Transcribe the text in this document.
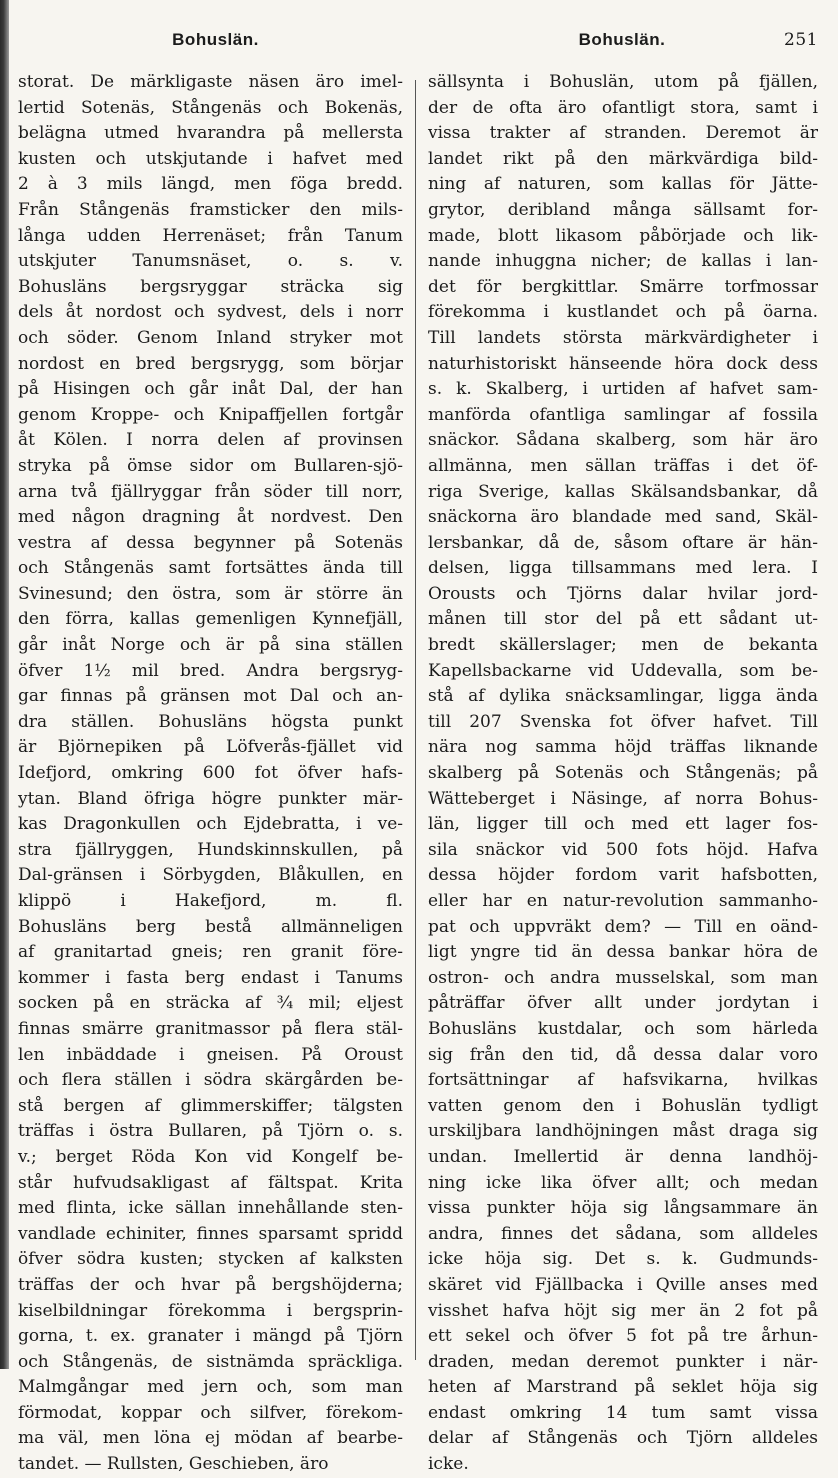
Bohuslän.	Bohuslän.	251
storat. De märkligaste näsen äro imel-
lertid Sotenäs, Stångenäs och Bokenäs,
belägna utmed hvarandra på mellersta
kusten och utskjutande i hafvet med
2 à 3 mils längd, men föga bredd.
Från Stångenäs framsticker den mils-
långa udden Herrenäset; från Tanum
utskjuter Tanumsnäset, o. s. v.
Bohusläns bergsryggar sträcka sig
dels åt nordost och sydvest, dels i norr
och söder. Genom Inland stryker mot
nordost en bred bergsrygg, som börjar
på Hisingen och går inåt Dal, der han
genom Kroppe- och Knipaffjellen fortgår
åt Kölen. I norra delen af provinsen
stryka på ömse sidor om Bullaren-sjö-
arna två fjällryggar från söder till norr,
med någon dragning åt nordvest. Den
vestra af dessa begynner på Sotenäs
och Stångenäs samt fortsättes ända till
Svinesund; den östra, som är större än
den förra, kallas gemenligen Kynnefjäll,
går inåt Norge och är på sina ställen
öfver 1½ mil bred. Andra bergsryg-
gar finnas på gränsen mot Dal och an-
dra ställen. Bohusläns högsta punkt
är Björnepiken på Löfverås-fjället vid
Idefjord, omkring 600 fot öfver hafs-
ytan. Bland öfriga högre punkter mär-
kas Dragonkullen och Ejdebratta, i ve-
stra fjällryggen, Hundskinnskullen, på
Dal-gränsen i Sörbygden, Blåkullen, en
klippö i Hakefjord, m. fl.
Bohusläns berg bestå allmänneligen
af granitartad gneis; ren granit före-
kommer i fasta berg endast i Tanums
socken på en sträcka af ¾ mil; eljest
finnas smärre granitmassor på flera stäl-
len inbäddade i gneisen. På Oroust
och flera ställen i södra skärgården be-
stå bergen af glimmerskiffer; tälgsten
träffas i östra Bullaren, på Tjörn o. s.
v.; berget Röda Kon vid Kongelf be-
står hufvudsakligast af fältspat. Krita
med flinta, icke sällan innehållande sten-
vandlade echiniter, finnes sparsamt spridd
öfver södra kusten; stycken af kalksten
träffas der och hvar på bergshöjderna;
kiselbildningar förekomma i bergsprin-
gorna, t. ex. granater i mängd på Tjörn
och Stångenäs, de sistnämda spräckliga.
Malmgångar med jern och, som man
förmodat, koppar och silfver, förekom-
ma väl, men löna ej mödan af bearbe-
tandet. — Rullsten, Geschieben, äro
sällsynta i Bohuslän, utom på fjällen,
der de ofta äro ofantligt stora, samt i
vissa trakter af stranden. Deremot är
landet rikt på den märkvärdiga bild-
ning af naturen, som kallas för Jätte-
grytor, deribland många sällsamt for-
made, blott likasom påbörjade och lik-
nande inhuggna nicher; de kallas i lan-
det för bergkittlar. Smärre torfmossar
förekomma i kustlandet och på öarna.
Till landets största märkvärdigheter i
naturhistoriskt hänseende höra dock dess
s. k. Skalberg, i urtiden af hafvet sam-
manförda ofantliga samlingar af fossila
snäckor. Sådana skalberg, som här äro
allmänna, men sällan träffas i det öf-
riga Sverige, kallas Skälsandsbankar, då
snäckorna äro blandade med sand, Skäl-
lersbankar, då de, såsom oftare är hän-
delsen, ligga tillsammans med lera. I
Orousts och Tjörns dalar hvilar jord-
månen till stor del på ett sådant ut-
bredt skällerslager; men de bekanta
Kapellsbackarne vid Uddevalla, som be-
stå af dylika snäcksamlingar, ligga ända
till 207 Svenska fot öfver hafvet. Till
nära nog samma höjd träffas liknande
skalberg på Sotenäs och Stångenäs; på
Wätteberget i Näsinge, af norra Bohus-
län, ligger till och med ett lager fos-
sila snäckor vid 500 fots höjd. Hafva
dessa höjder fordom varit hafsbotten,
eller har en natur-revolution sammanho-
pat och uppvräkt dem? — Till en oänd-
ligt yngre tid än dessa bankar höra de
ostron- och andra musselskal, som man
påträffar öfver allt under jordytan i
Bohusläns kustdalar, och som härleda
sig från den tid, då dessa dalar voro
fortsättningar af hafsvikarna, hvilkas
vatten genom den i Bohuslän tydligt
urskiljbara landhöjningen måst draga sig
undan. Imellertid är denna landhöj-
ning icke lika öfver allt; och medan
vissa punkter höja sig långsammare än
andra, finnes det sådana, som alldeles
icke höja sig. Det s. k. Gudmunds-
skäret vid Fjällbacka i Qville anses med
visshet hafva höjt sig mer än 2 fot på
ett sekel och öfver 5 fot på tre århun-
draden, medan deremot punkter i när-
heten af Marstrand på seklet höja sig
endast omkring 14 tum samt vissa
delar af Stångenäs och Tjörn alldeles
icke.
